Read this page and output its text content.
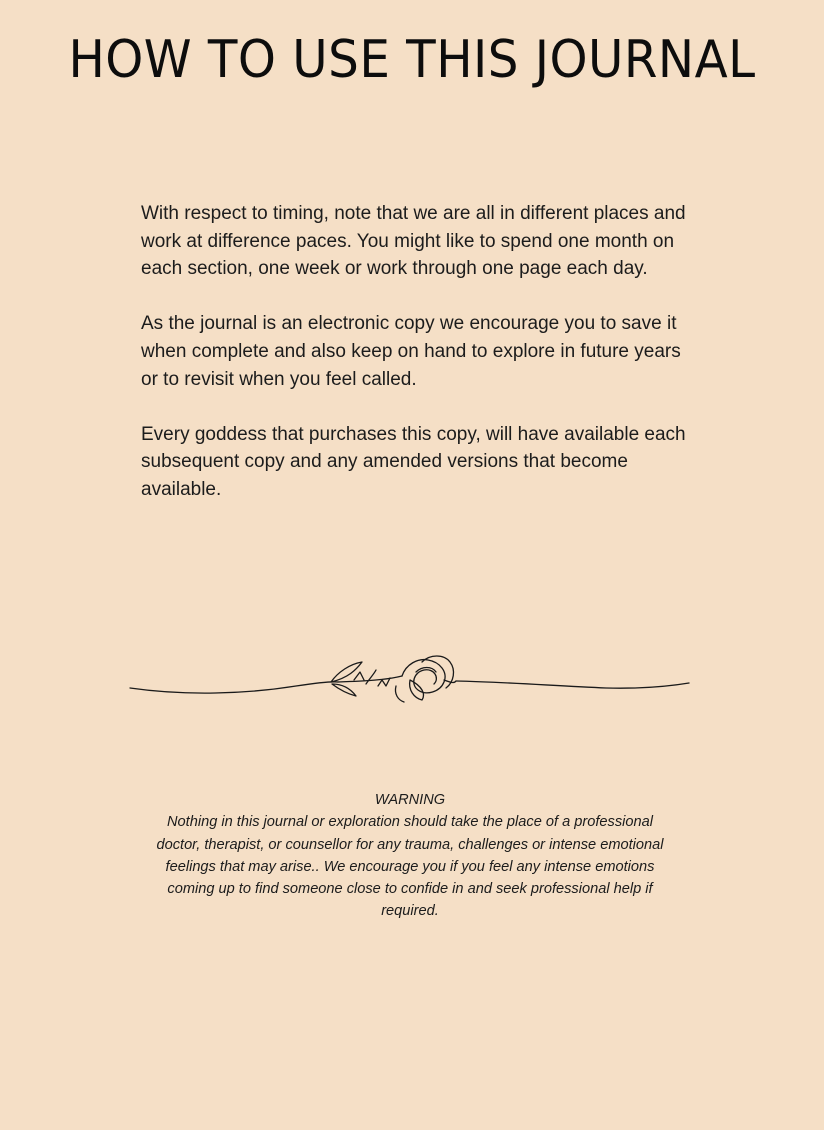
HOW TO USE THIS JOURNAL

With respect to timing, note that we are all in different places and work at difference paces. You might like to spend one month on each section, one week or work through one page each day.

As the journal is an electronic copy we encourage you to save it when complete and also keep on hand to explore in future years or to revisit when you feel called.

Every goddess that purchases this copy, will have available each subsequent copy and any amended versions that become available.

WARNING

Nothing in this journal or exploration should take the place of a professional doctor, therapist, or counsellor for any trauma, challenges or intense emotional feelings that may arise.. We encourage you if you feel any intense emotions coming up to find someone close to confide in and seek professional help if required.
